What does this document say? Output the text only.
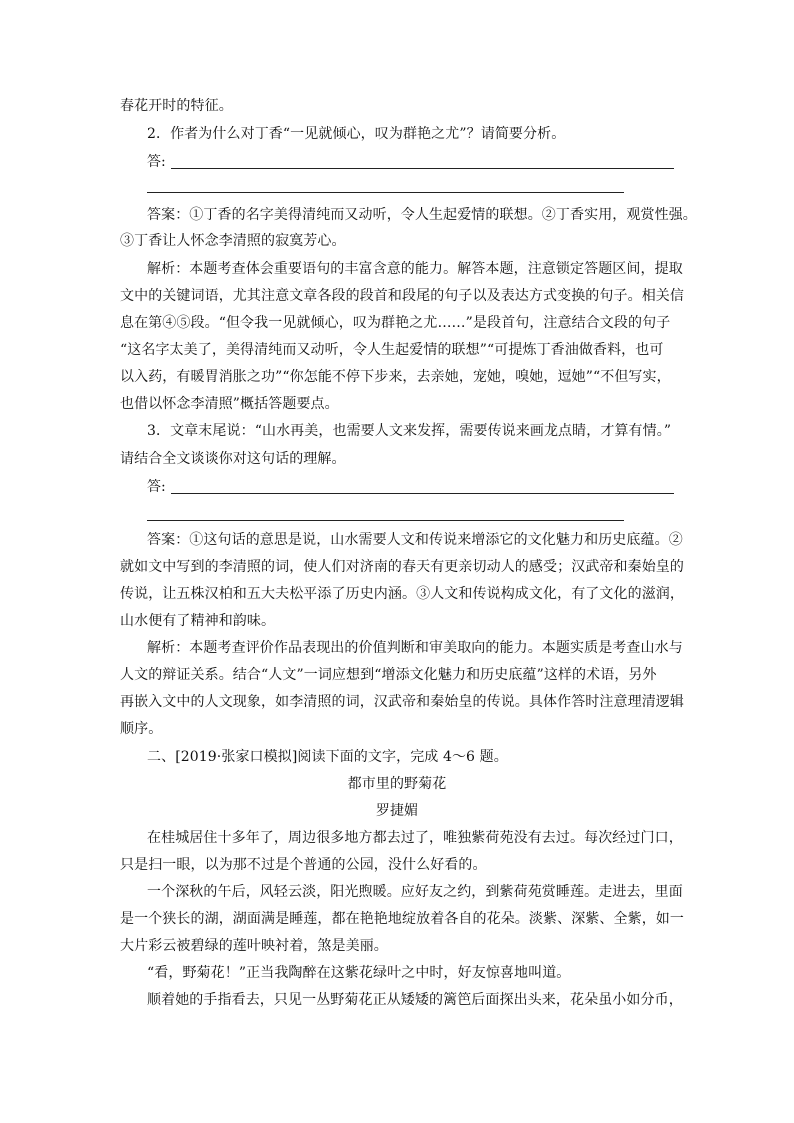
春花开时的特征。
2．作者为什么对丁香“一见就倾心，叹为群艳之尤”？请简要分析。
答:
答案：①丁香的名字美得清纯而又动听，令人生起爱情的联想。②丁香实用，观赏性强。
③丁香让人怀念李清照的寂寞芳心。
解析：本题考查体会重要语句的丰富含意的能力。解答本题，注意锁定答题区间，提取
文中的关键词语，尤其注意文章各段的段首和段尾的句子以及表达方式变换的句子。相关信
息在第④⑤段。“但令我一见就倾心，叹为群艳之尤……”是段首句，注意结合文段的句子
“这名字太美了，美得清纯而又动听，令人生起爱情的联想”“可提炼丁香油做香料，也可
以入药，有暖胃消胀之功”“你怎能不停下步来，去亲她，宠她，嗅她，逗她”“不但写实，
也借以怀念李清照”概括答题要点。
3．文章末尾说：“山水再美，也需要人文来发挥，需要传说来画龙点睛，才算有情。”
请结合全文谈谈你对这句话的理解。
答:
答案：①这句话的意思是说，山水需要人文和传说来增添它的文化魅力和历史底蕴。②
就如文中写到的李清照的词，使人们对济南的春天有更亲切动人的感受；汉武帝和秦始皇的
传说，让五株汉柏和五大夫松平添了历史内涵。③人文和传说构成文化，有了文化的滋润，
山水便有了精神和韵味。
解析：本题考查评价作品表现出的价值判断和审美取向的能力。本题实质是考查山水与
人文的辩证关系。结合“人文”一词应想到“增添文化魅力和历史底蕴”这样的术语，另外
再嵌入文中的人文现象，如李清照的词，汉武帝和秦始皇的传说。具体作答时注意理清逻辑
顺序。
二、[2019·张家口模拟]阅读下面的文字，完成 4～6 题。
都市里的野菊花
罗捷媚
在桂城居住十多年了，周边很多地方都去过了，唯独紫荷苑没有去过。每次经过门口，
只是扫一眼，以为那不过是个普通的公园，没什么好看的。
一个深秋的午后，风轻云淡，阳光煦暖。应好友之约，到紫荷苑赏睡莲。走进去，里面
是一个狭长的湖，湖面满是睡莲，都在艳艳地绽放着各自的花朵。淡紫、深紫、全紫，如一
大片彩云被碧绿的莲叶映衬着，煞是美丽。
“看，野菊花！”正当我陶醉在这紫花绿叶之中时，好友惊喜地叫道。
顺着她的手指看去，只见一丛野菊花正从矮矮的篱笆后面探出头来，花朵虽小如分币，
